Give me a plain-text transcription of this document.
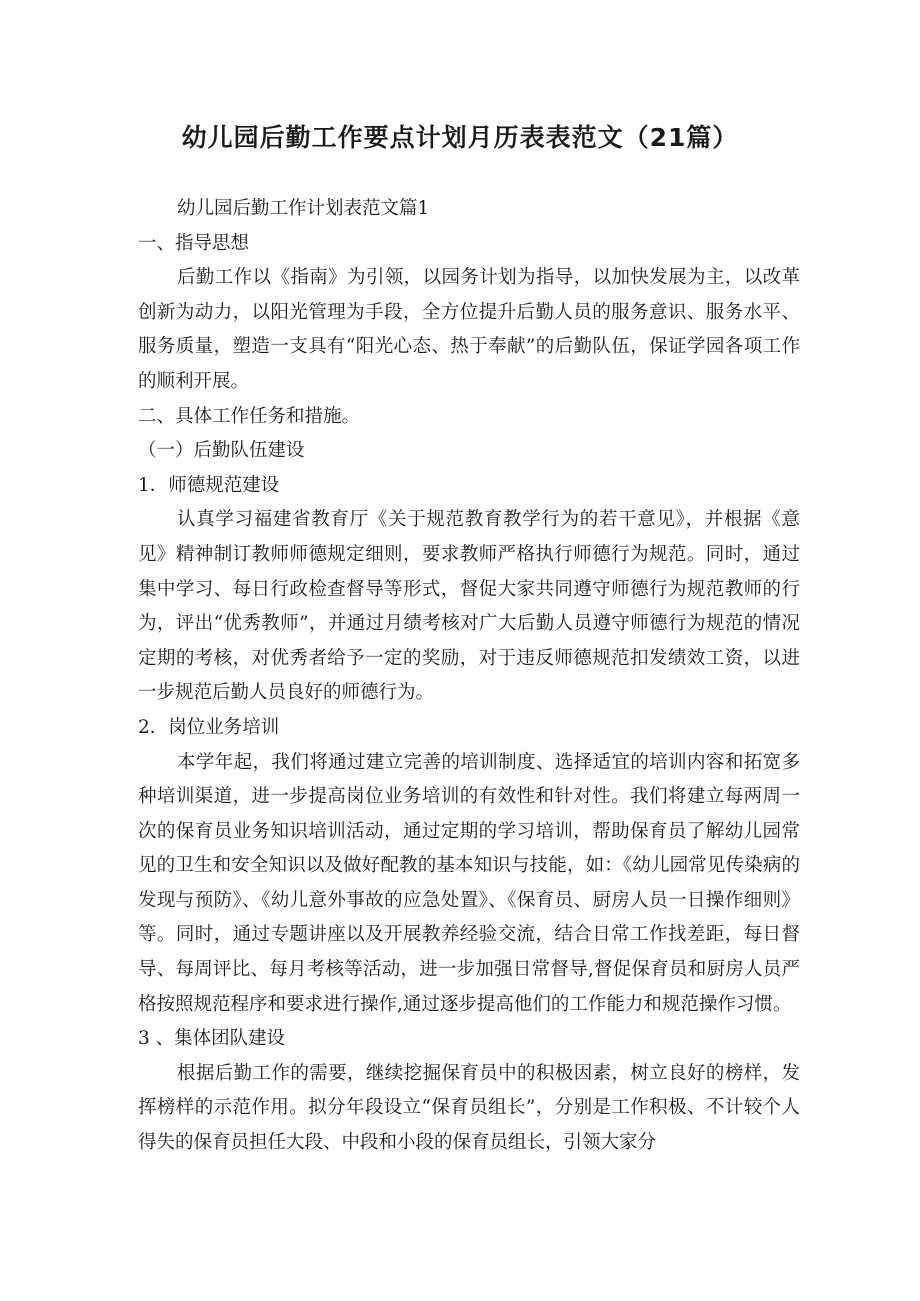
幼儿园后勤工作要点计划月历表表范文（21篇）

幼儿园后勤工作计划表范文篇1

一、指导思想

后勤工作以《指南》为引领，以园务计划为指导，以加快发展为主，以改革创新为动力，以阳光管理为手段，全方位提升后勤人员的服务意识、服务水平、服务质量，塑造一支具有“阳光心态、热于奉献”的后勤队伍，保证学园各项工作的顺利开展。

二、具体工作任务和措施。

（一）后勤队伍建设

1．师德规范建设

认真学习福建省教育厅《关于规范教育教学行为的若干意见》，并根据《意见》精神制订教师师德规定细则，要求教师严格执行师德行为规范。同时，通过集中学习、每日行政检查督导等形式，督促大家共同遵守师德行为规范教师的行为，评出“优秀教师”，并通过月绩考核对广大后勤人员遵守师德行为规范的情况定期的考核，对优秀者给予一定的奖励，对于违反师德规范扣发绩效工资，以进一步规范后勤人员良好的师德行为。

2．岗位业务培训

本学年起，我们将通过建立完善的培训制度、选择适宜的培训内容和拓宽多种培训渠道，进一步提高岗位业务培训的有效性和针对性。我们将建立每两周一次的保育员业务知识培训活动，通过定期的学习培训，帮助保育员了解幼儿园常见的卫生和安全知识以及做好配教的基本知识与技能，如：《幼儿园常见传染病的发现与预防》、《幼儿意外事故的应急处置》、《保育员、厨房人员一日操作细则》等。同时，通过专题讲座以及开展教养经验交流，结合日常工作找差距，每日督导、每周评比、每月考核等活动，进一步加强日常督导,督促保育员和厨房人员严格按照规范程序和要求进行操作,通过逐步提高他们的工作能力和规范操作习惯。

3 、集体团队建设

根据后勤工作的需要，继续挖掘保育员中的积极因素，树立良好的榜样，发挥榜样的示范作用。拟分年段设立“保育员组长”，分别是工作积极、不计较个人得失的保育员担任大段、中段和小段的保育员组长，引领大家分
